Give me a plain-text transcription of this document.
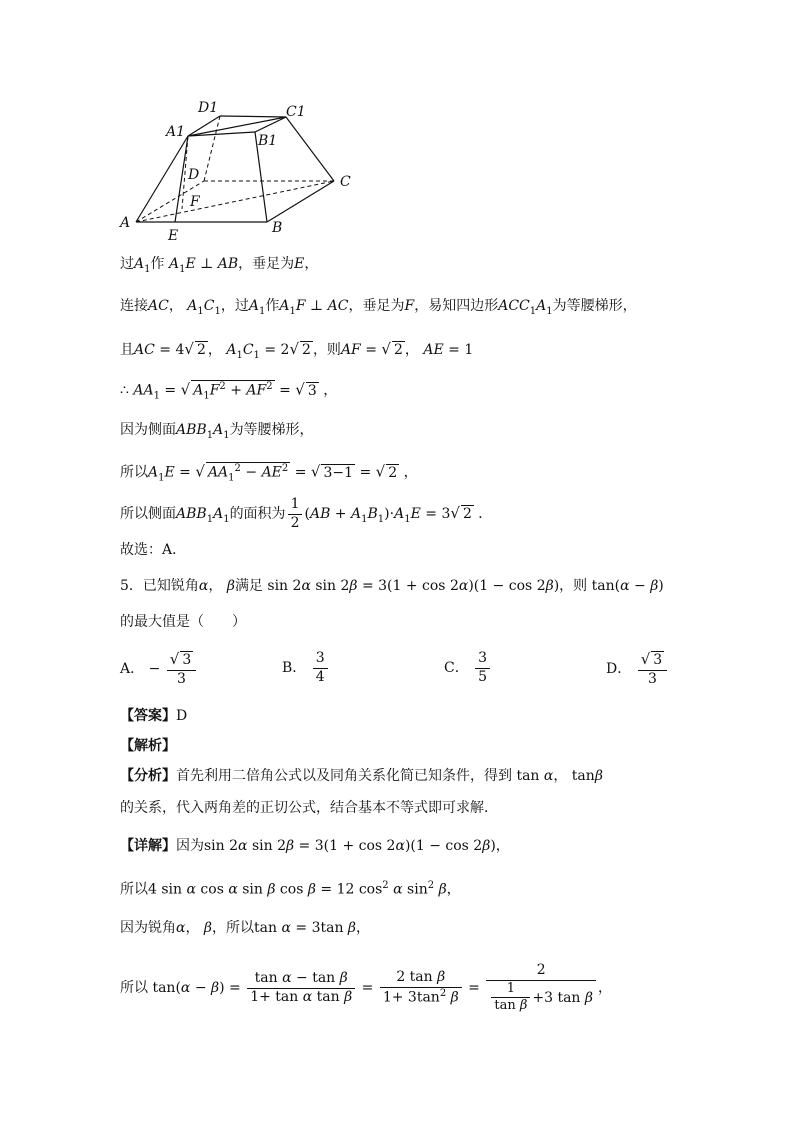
D1	C1
A1
B1
D	C
F
A
E	B
过$A_1$作 $A_1E$ ⊥ AB，垂足为E，
连接AC， $A_1C_1$，过$A_1$作$A_1F$ ⊥ AC，垂足为F，易知四边形$ACC_1A_1$为等腰梯形，
且AC = 4√ 2 ， $A_1C_1 = 2√$ 2 ，则AF = √ 2 ， AE = 1
∴ $AA_1$ = √ $A_1F^2 + AF^2$ = √ 3 ，
因为侧面$ABB_1A_1$为等腰梯形，
所以$A_1E$ = √ $AA_1^2 - AE^2$ = √ 3−1 = √ 2 ，
所以侧面$ABB_1A_1$的面积为 $\frac{1}{2} (AB + A_1B_1)\cdot A_1E = 3√$ 2 ．
故选：A．
5．已知锐角α， β满足 sin 2α sin 2β = 3(1 + cos 2α)(1 − cos 2β)，则 tan(α − β)
的最大值是（　　）
A． − $\frac{√ 3}{3}$	B． $\frac{3}{4}$	C． $\frac{3}{5}$	D． $\frac{√ 3}{3}$
【答案】D
【解析】
【分析】首先利用二倍角公式以及同角关系化简已知条件，得到 tan α， tanβ
的关系，代入两角差的正切公式，结合基本不等式即可求解．
【详解】因为sin 2α sin 2β = 3(1 + cos 2α)(1 − cos 2β)，
所以4 sin α cos α sin β cos β = 12 $\cos^2 \alpha$ $\sin^2 \beta$，
因为锐角α， β，所以tan α = 3tan β，
所以 $\tan(\alpha - \beta) = \frac{\text{tan α − tan β}}{\text{1+ tan α tan β}} = \frac{\text{2 tan β}}{1+ 3\tan^2 \beta} = \frac{2}{\frac{1}{\text{tan β}} +3 \tan \beta}$ ，
